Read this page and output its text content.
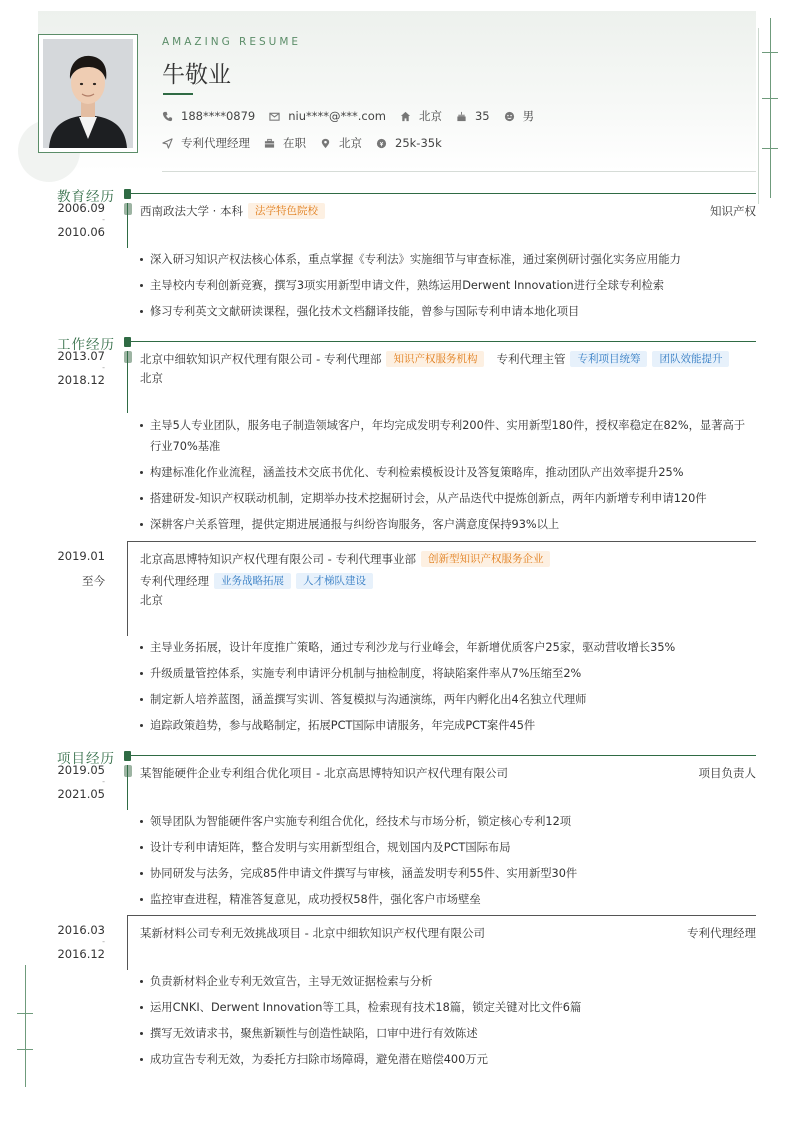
AMAZING RESUME
牛敬业
188****0879	niu****@***.com	北京	35	男
专利代理经理	在职	北京	25k-35k
教育经历
2006.09
-
2010.06
西南政法大学 · 本科	法学特色院校	知识产权
深入研习知识产权法核心体系，重点掌握《专利法》实施细节与审查标准，通过案例研讨强化实务应用能力
主导校内专利创新竞赛，撰写3项实用新型申请文件，熟练运用Derwent Innovation进行全球专利检索
修习专利英文文献研读课程，强化技术文档翻译技能，曾参与国际专利申请本地化项目
工作经历
2013.07
-
2018.12
北京中细软知识产权代理有限公司 - 专利代理部	知识产权服务机构	专利代理主管	专利项目统筹	团队效能提升
北京
主导5人专业团队，服务电子制造领域客户，年均完成发明专利200件、实用新型180件，授权率稳定在82%，显著高于行业70%基准
构建标准化作业流程，涵盖技术交底书优化、专利检索模板设计及答复策略库，推动团队产出效率提升25%
搭建研发-知识产权联动机制，定期举办技术挖掘研讨会，从产品迭代中提炼创新点，两年内新增专利申请120件
深耕客户关系管理，提供定期进展通报与纠纷咨询服务，客户满意度保持93%以上
2019.01
至今
北京高思博特知识产权代理有限公司 - 专利代理事业部	创新型知识产权服务企业
专利代理经理	业务战略拓展	人才梯队建设
北京
主导业务拓展，设计年度推广策略，通过专利沙龙与行业峰会，年新增优质客户25家，驱动营收增长35%
升级质量管控体系，实施专利申请评分机制与抽检制度，将缺陷案件率从7%压缩至2%
制定新人培养蓝图，涵盖撰写实训、答复模拟与沟通演练，两年内孵化出4名独立代理师
追踪政策趋势，参与战略制定，拓展PCT国际申请服务，年完成PCT案件45件
项目经历
2019.05
-
2021.05
某智能硬件企业专利组合优化项目 - 北京高思博特知识产权代理有限公司	项目负责人
领导团队为智能硬件客户实施专利组合优化，经技术与市场分析，锁定核心专利12项
设计专利申请矩阵，整合发明与实用新型组合，规划国内及PCT国际布局
协同研发与法务，完成85件申请文件撰写与审核，涵盖发明专利55件、实用新型30件
监控审查进程，精准答复意见，成功授权58件，强化客户市场壁垒
2016.03
-
2016.12
某新材料公司专利无效挑战项目 - 北京中细软知识产权代理有限公司	专利代理经理
负责新材料企业专利无效宣告，主导无效证据检索与分析
运用CNKI、Derwent Innovation等工具，检索现有技术18篇，锁定关键对比文件6篇
撰写无效请求书，聚焦新颖性与创造性缺陷，口审中进行有效陈述
成功宣告专利无效，为委托方扫除市场障碍，避免潜在赔偿400万元
